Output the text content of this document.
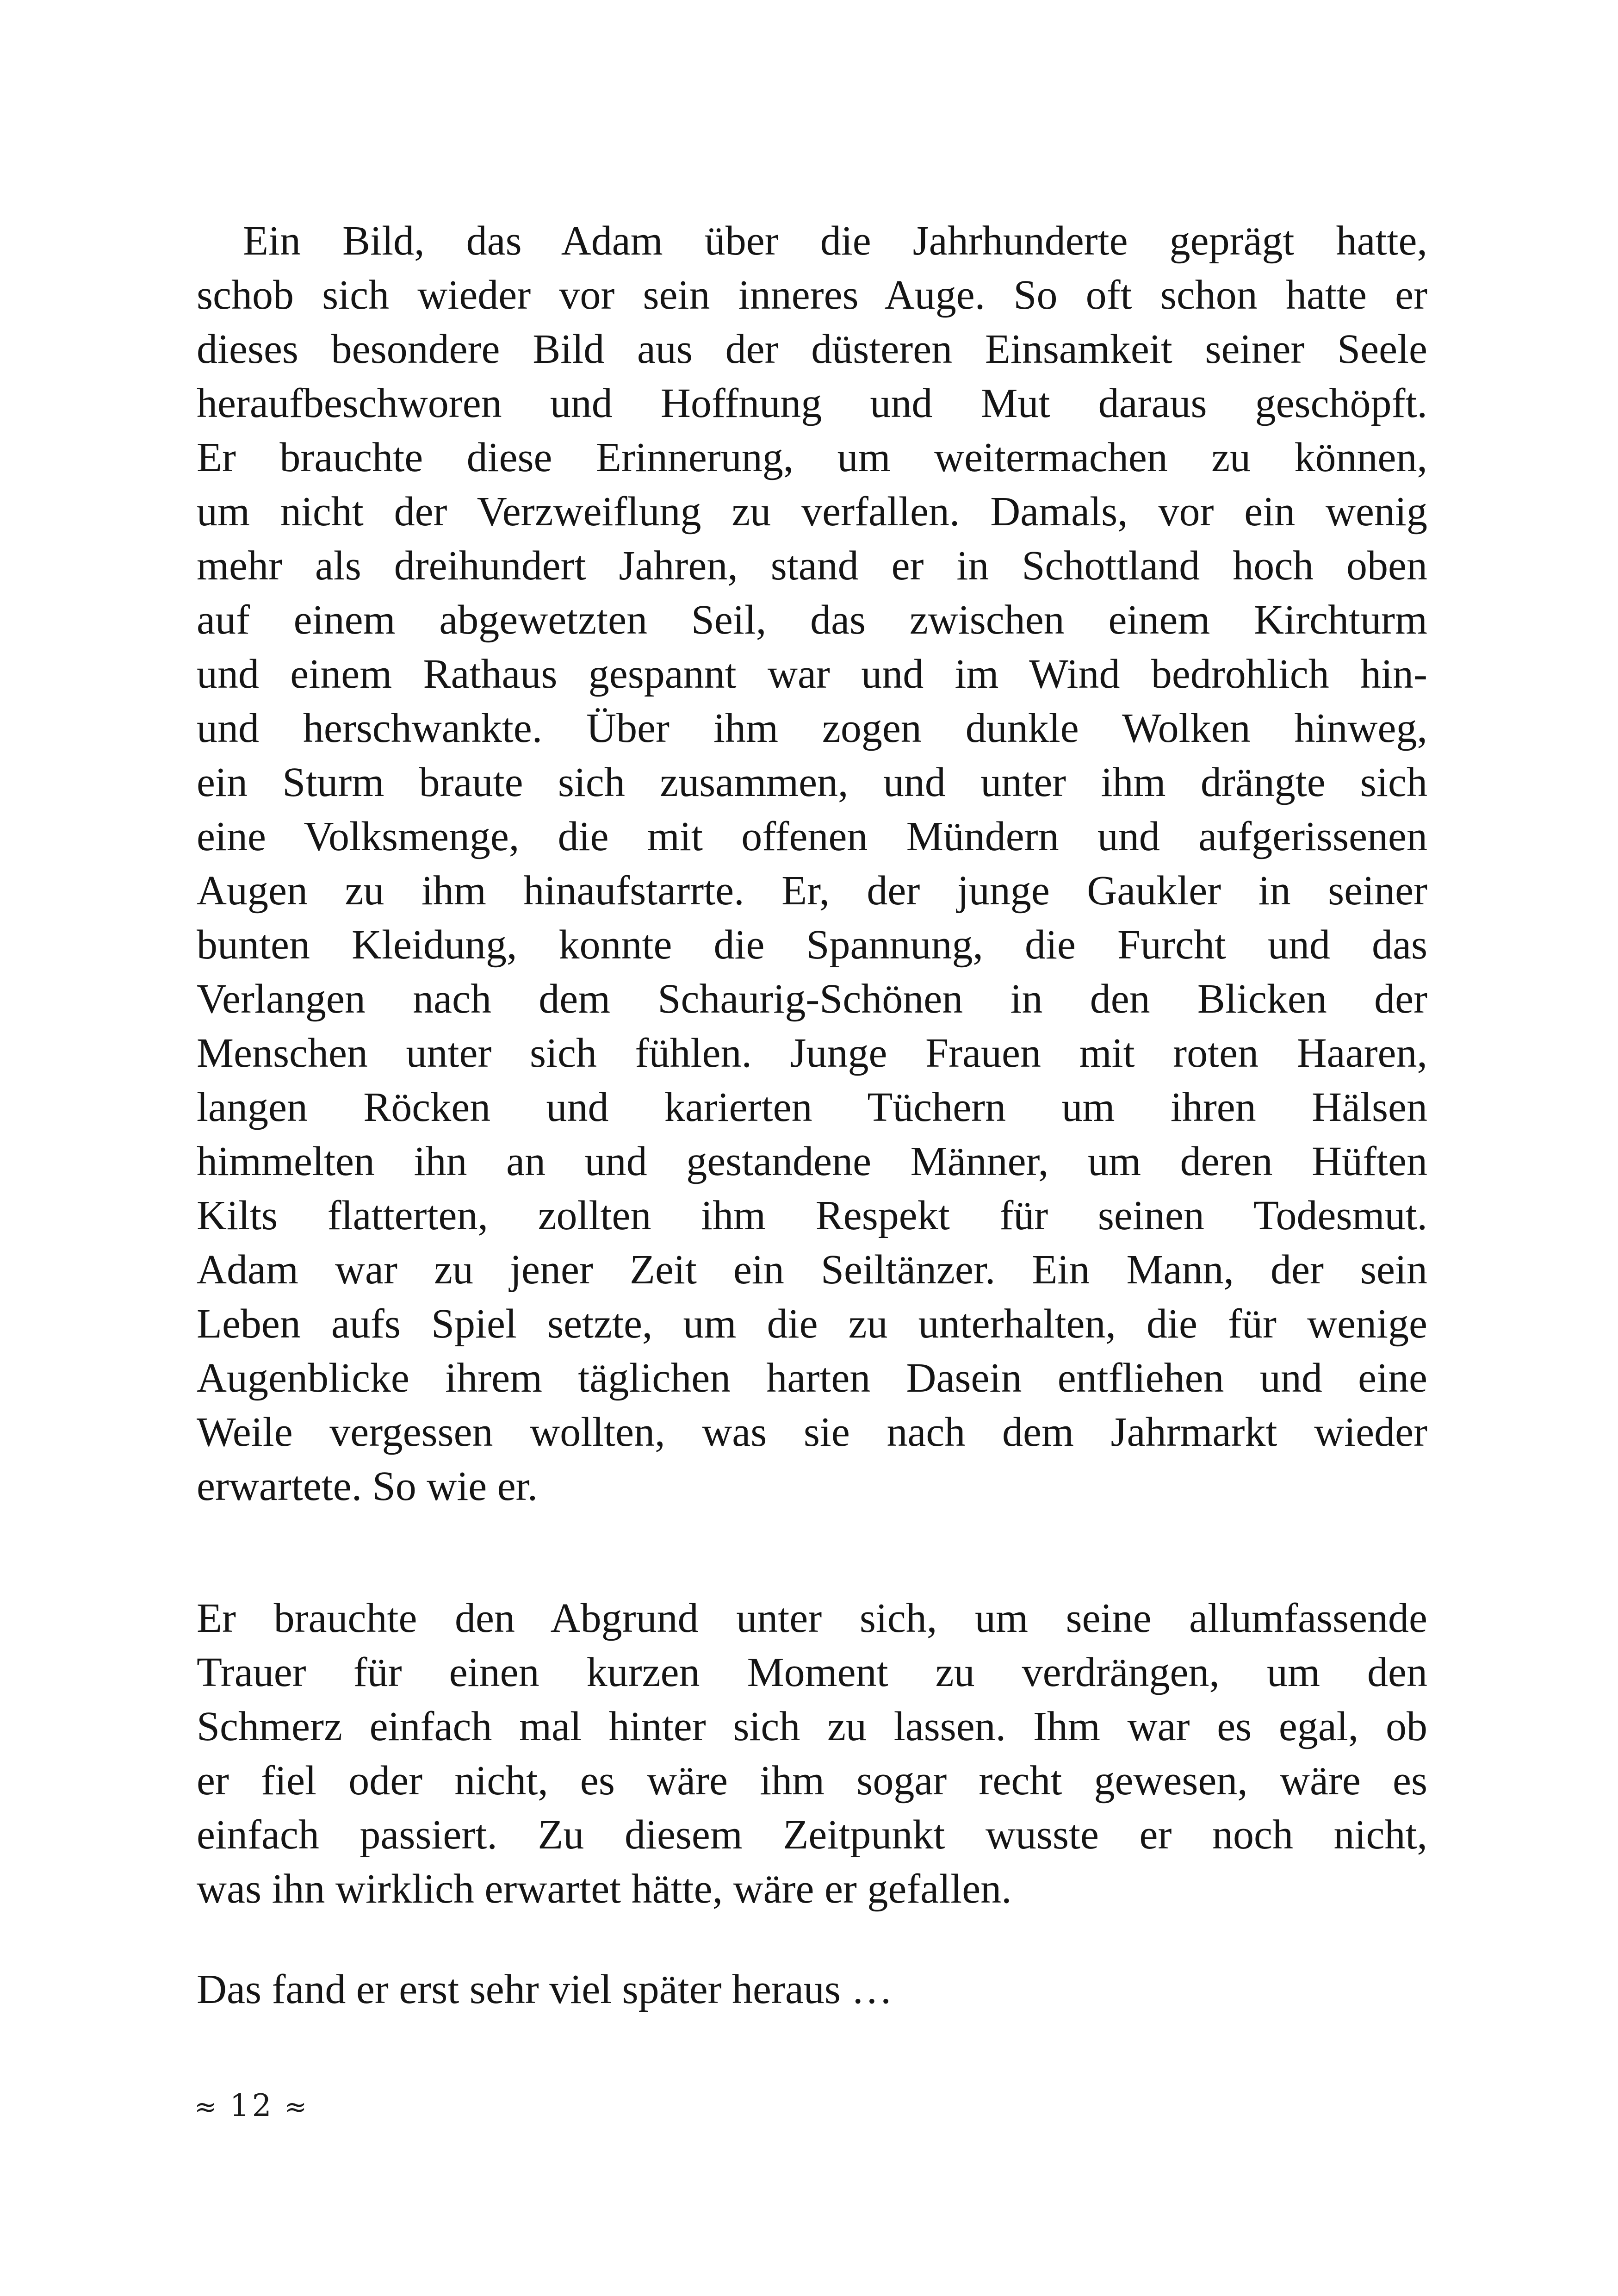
Ein Bild, das Adam über die Jahrhunderte geprägt hatte,
schob sich wieder vor sein inneres Auge. So oft schon hatte er
dieses besondere Bild aus der düsteren Einsamkeit seiner Seele
heraufbeschworen und Hoffnung und Mut daraus geschöpft.
Er brauchte diese Erinnerung, um weitermachen zu können,
um nicht der Verzweiflung zu verfallen. Damals, vor ein wenig
mehr als dreihundert Jahren, stand er in Schottland hoch oben
auf einem abgewetzten Seil, das zwischen einem Kirchturm
und einem Rathaus gespannt war und im Wind bedrohlich hin-
und herschwankte. Über ihm zogen dunkle Wolken hinweg,
ein Sturm braute sich zusammen, und unter ihm drängte sich
eine Volksmenge, die mit offenen Mündern und aufgerissenen
Augen zu ihm hinaufstarrte. Er, der junge Gaukler in seiner
bunten Kleidung, konnte die Spannung, die Furcht und das
Verlangen nach dem Schaurig-Schönen in den Blicken der
Menschen unter sich fühlen. Junge Frauen mit roten Haaren,
langen Röcken und karierten Tüchern um ihren Hälsen
himmelten ihn an und gestandene Männer, um deren Hüften
Kilts flatterten, zollten ihm Respekt für seinen Todesmut.
Adam war zu jener Zeit ein Seiltänzer. Ein Mann, der sein
Leben aufs Spiel setzte, um die zu unterhalten, die für wenige
Augenblicke ihrem täglichen harten Dasein entfliehen und eine
Weile vergessen wollten, was sie nach dem Jahrmarkt wieder
erwartete. So wie er.
Er brauchte den Abgrund unter sich, um seine allumfassende
Trauer für einen kurzen Moment zu verdrängen, um den
Schmerz einfach mal hinter sich zu lassen. Ihm war es egal, ob
er fiel oder nicht, es wäre ihm sogar recht gewesen, wäre es
einfach passiert. Zu diesem Zeitpunkt wusste er noch nicht,
was ihn wirklich erwartet hätte, wäre er gefallen.
Das fand er erst sehr viel später heraus …
≈ 12 ≈
